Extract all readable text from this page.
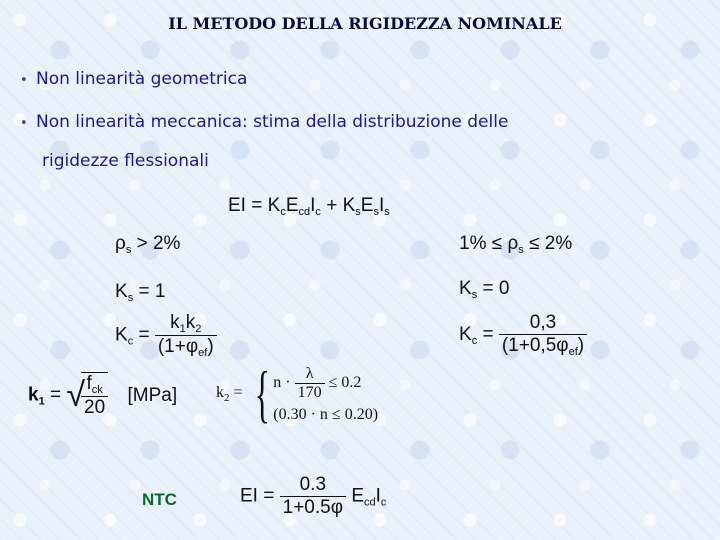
IL METODO DELLA RIGIDEZZA NOMINALE
• Non linearità geometrica
• Non linearità meccanica: stima della distribuzione delle
rigidezze flessionali
EI = $K_cE_{cd}I_c + K_sE_sI_s$
$\rho_s > 2\%$
$K_s = 1$
$K_c = \frac{k_1k_2}{(1+\varphi_{ef})}$
$k_1$ = √
$\frac{f_{ck}}{20} [MPa] k_2$ = { $n \cdot \frac{\lambda}{170} \le 0.2$
(0.30 · n ≤ 0.20)
$1\% \le \rho_s \le 2\%$
$K_s = 0$
$K_c = \frac{0,3}{(1+0,5\varphi_{ef})}$
NTC	EI = $\frac{0.3}{1+0.5\varphi} E_{cd}I_c$
